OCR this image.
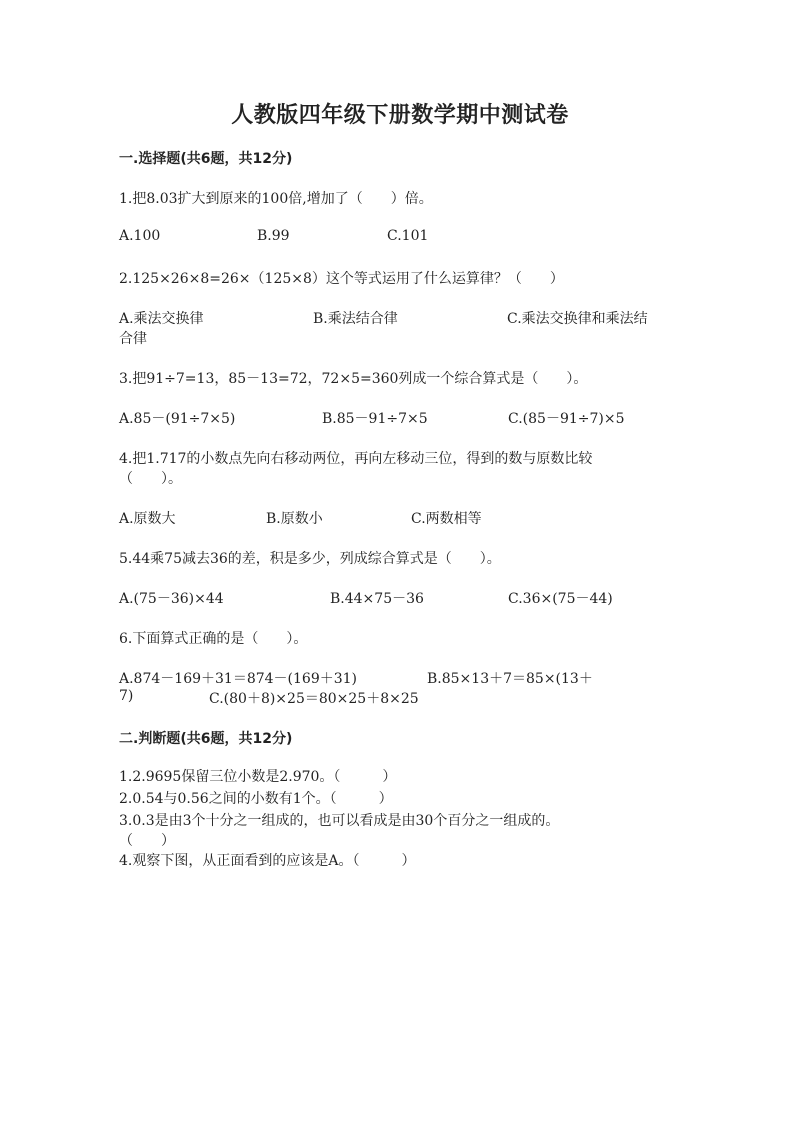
人教版四年级下册数学期中测试卷
一.选择题(共6题，共12分)
1.把8.03扩大到原来的100倍,增加了（　　）倍。
A.100	B.99	C.101
2.125×26×8=26×（125×8）这个等式运用了什么运算律？（　　）
A.乘法交换律	B.乘法结合律	C.乘法交换律和乘法结
合律
3.把91÷7=13，85－13=72，72×5=360列成一个综合算式是（　　）。
A.85－(91÷7×5)	B.85－91÷7×5	C.(85－91÷7)×5
4.把1.717的小数点先向右移动两位，再向左移动三位，得到的数与原数比较
（　　）。
A.原数大	B.原数小	C.两数相等
5.44乘75减去36的差，积是多少，列成综合算式是（　　）。
A.(75－36)×44	B.44×75－36	C.36×(75－44)
6.下面算式正确的是（　　）。
A.874－169＋31＝874－(169＋31)	B.85×13＋7＝85×(13＋
7)	C.(80＋8)×25＝80×25＋8×25
二.判断题(共6题，共12分)
1.2.9695保留三位小数是2.970。（　　　）
2.0.54与0.56之间的小数有1个。（　　　）
3.0.3是由3个十分之一组成的，也可以看成是由30个百分之一组成的。
（　　）
4.观察下图，从正面看到的应该是A。（　　　）
